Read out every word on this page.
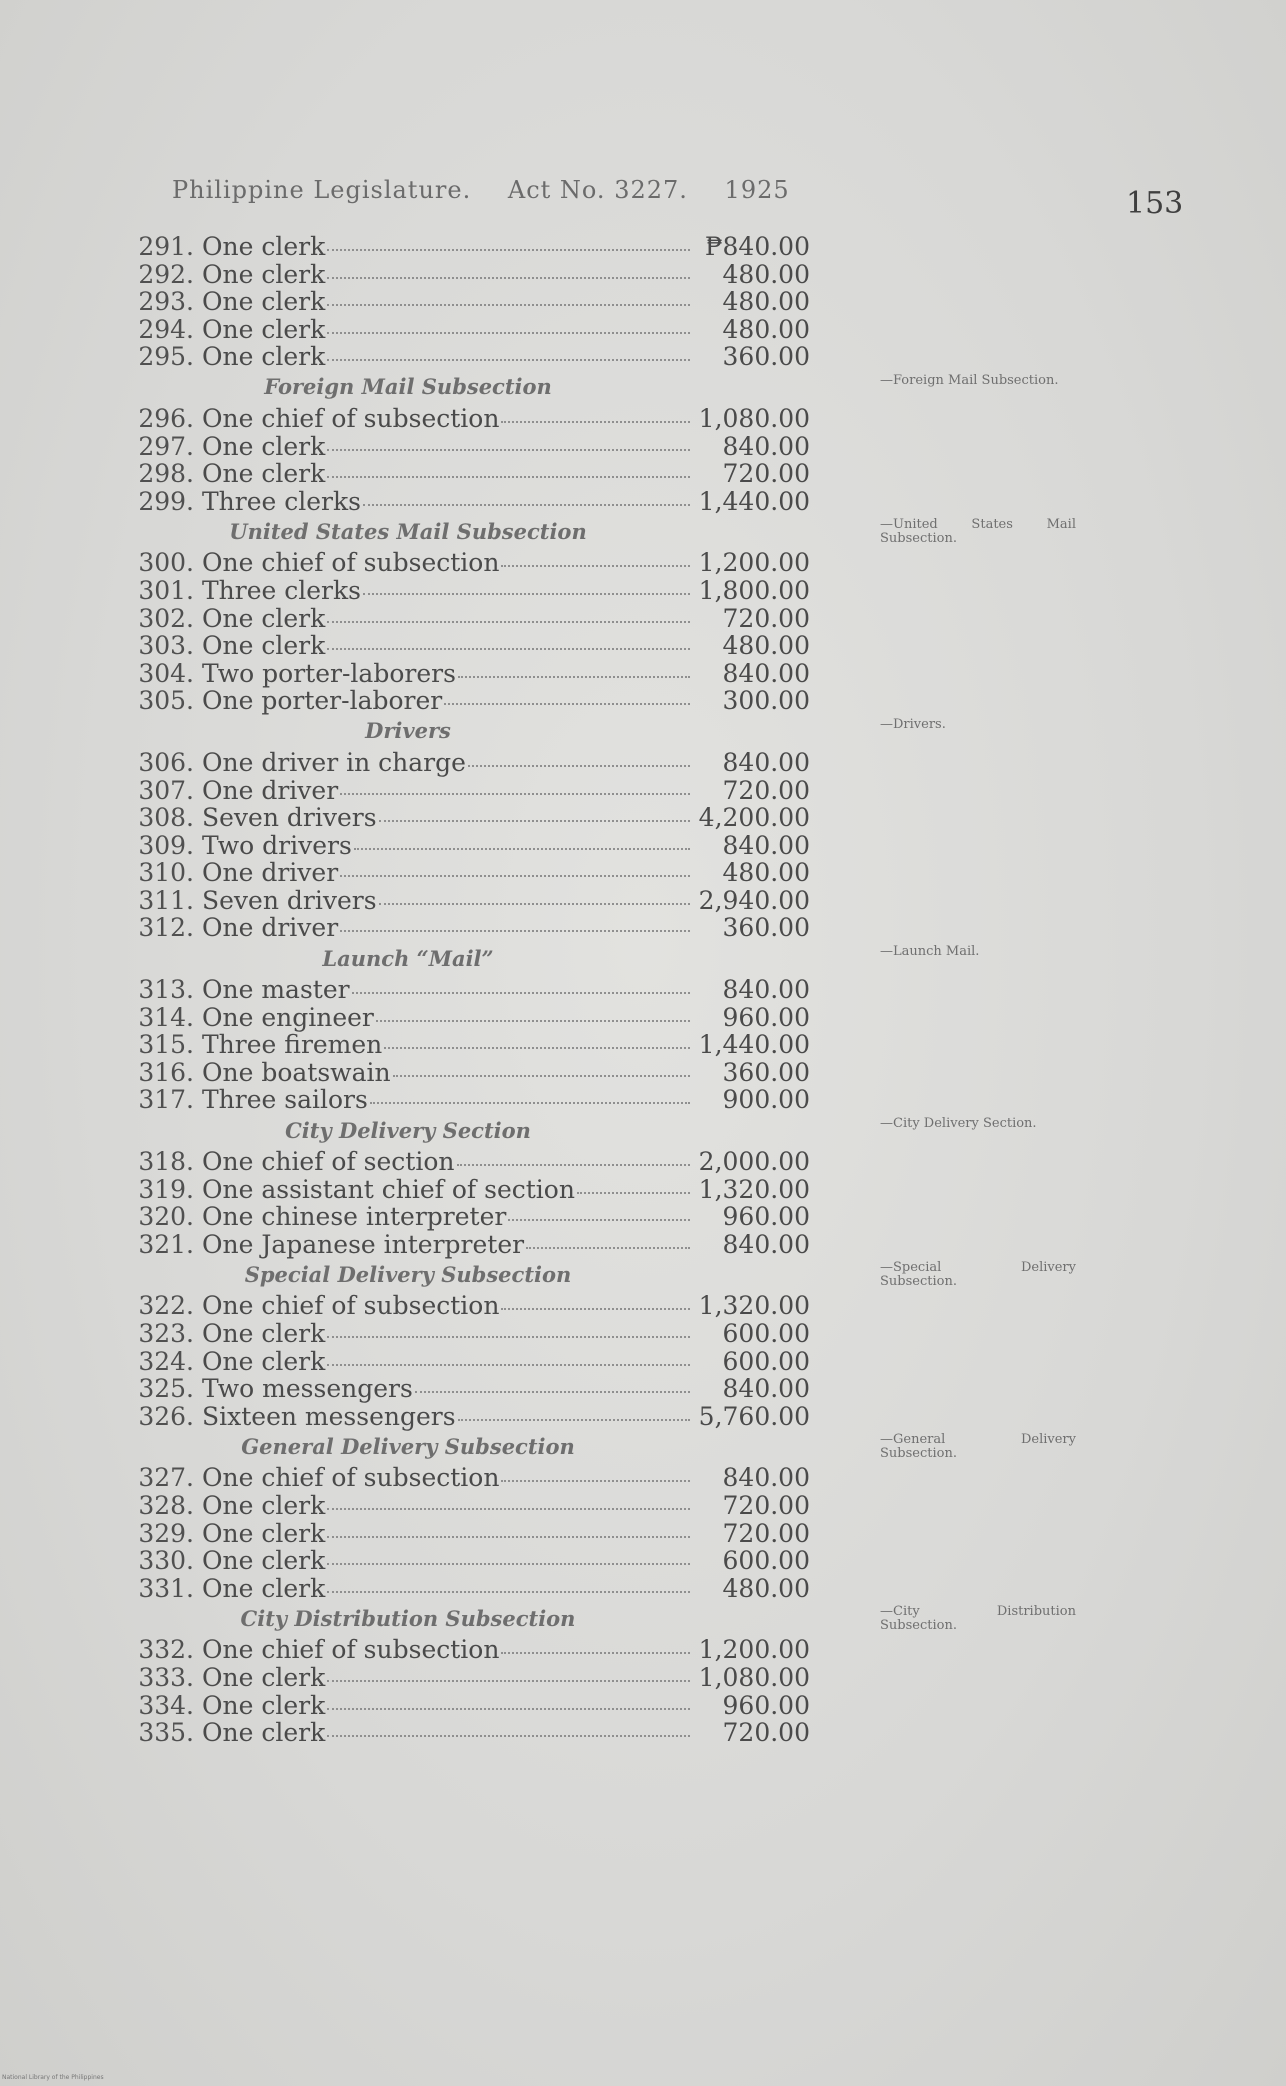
Philippine Legislature. Act No. 3227. 1925	153
291. One clerk	₱840.00
292. One clerk	480.00
293. One clerk	480.00
294. One clerk	480.00
295. One clerk	360.00
Foreign Mail Subsection	—Foreign Mail Subsection.
296. One chief of subsection	1,080.00
297. One clerk	840.00
298. One clerk	720.00
299. Three clerks	1,440.00
United States Mail Subsection	—United States Mail Subsection.
300. One chief of subsection	1,200.00
301. Three clerks	1,800.00
302. One clerk	720.00
303. One clerk	480.00
304. Two porter-laborers	840.00
305. One porter-laborer	300.00
Drivers	—Drivers.
306. One driver in charge	840.00
307. One driver	720.00
308. Seven drivers	4,200.00
309. Two drivers	840.00
310. One driver	480.00
311. Seven drivers	2,940.00
312. One driver	360.00
Launch “Mail”	—Launch Mail.
313. One master	840.00
314. One engineer	960.00
315. Three firemen	1,440.00
316. One boatswain	360.00
317. Three sailors	900.00
City Delivery Section	—City Delivery Section.
318. One chief of section	2,000.00
319. One assistant chief of section	1,320.00
320. One chinese interpreter	960.00
321. One Japanese interpreter	840.00
Special Delivery Subsection	—Special Delivery Subsection.
322. One chief of subsection	1,320.00
323. One clerk	600.00
324. One clerk	600.00
325. Two messengers	840.00
326. Sixteen messengers	5,760.00
General Delivery Subsection	—General Delivery Subsection.
327. One chief of subsection	840.00
328. One clerk	720.00
329. One clerk	720.00
330. One clerk	600.00
331. One clerk	480.00
City Distribution Subsection	—City Distribution Subsection.
332. One chief of subsection	1,200.00
333. One clerk	1,080.00
334. One clerk	960.00
335. One clerk	720.00
National Library of the Philippines
